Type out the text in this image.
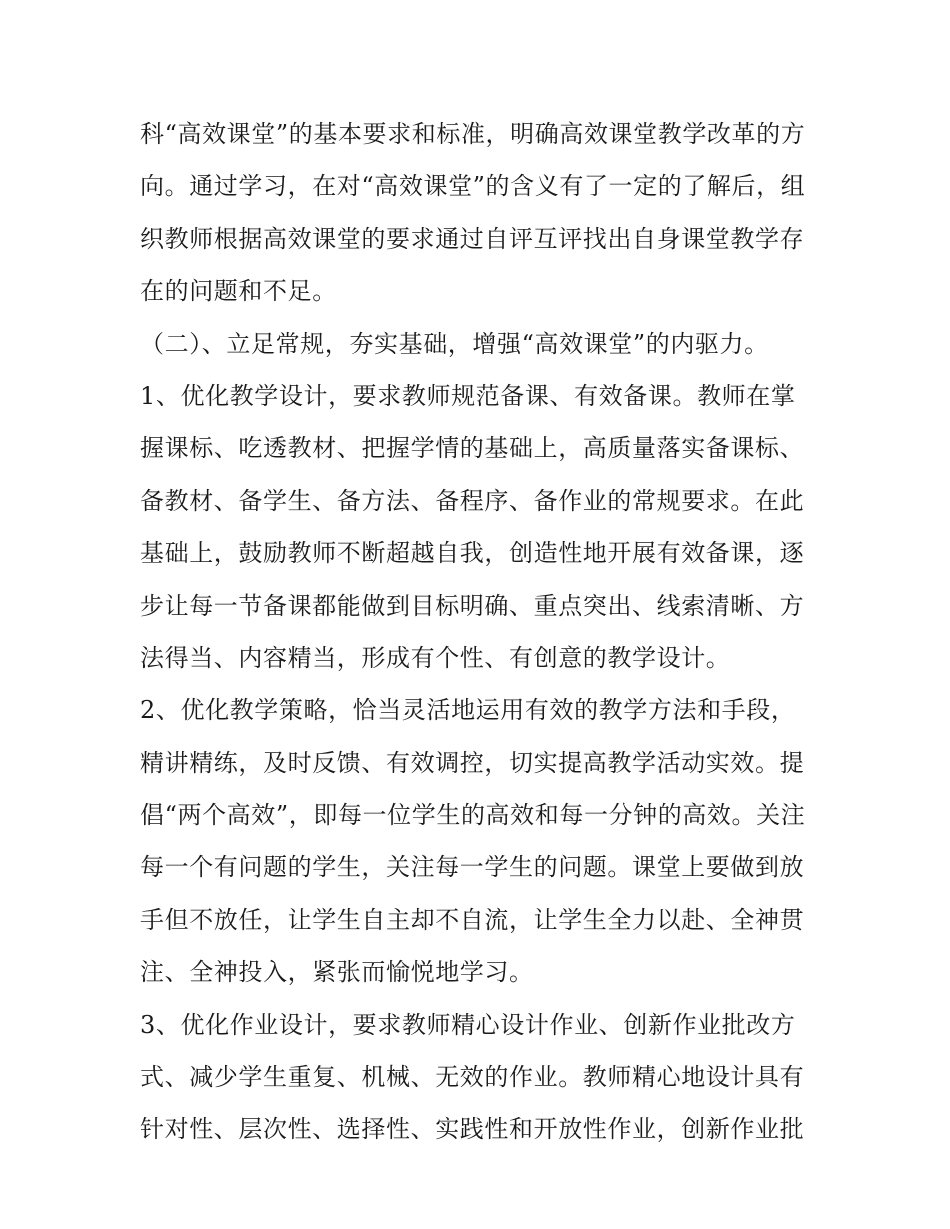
科“高效课堂”的基本要求和标准，明确高效课堂教学改革的方
向。通过学习，在对“高效课堂”的含义有了一定的了解后，组
织教师根据高效课堂的要求通过自评互评找出自身课堂教学存
在的问题和不足。
（二）、立足常规，夯实基础，增强“高效课堂”的内驱力。
1、优化教学设计，要求教师规范备课、有效备课。教师在掌
握课标、吃透教材、把握学情的基础上，高质量落实备课标、
备教材、备学生、备方法、备程序、备作业的常规要求。在此
基础上，鼓励教师不断超越自我，创造性地开展有效备课，逐
步让每一节备课都能做到目标明确、重点突出、线索清晰、方
法得当、内容精当，形成有个性、有创意的教学设计。
2、优化教学策略，恰当灵活地运用有效的教学方法和手段，
精讲精练，及时反馈、有效调控，切实提高教学活动实效。提
倡“两个高效”，即每一位学生的高效和每一分钟的高效。关注
每一个有问题的学生，关注每一学生的问题。课堂上要做到放
手但不放任，让学生自主却不自流，让学生全力以赴、全神贯
注、全神投入，紧张而愉悦地学习。
3、优化作业设计，要求教师精心设计作业、创新作业批改方
式、减少学生重复、机械、无效的作业。教师精心地设计具有
针对性、层次性、选择性、实践性和开放性作业，创新作业批
